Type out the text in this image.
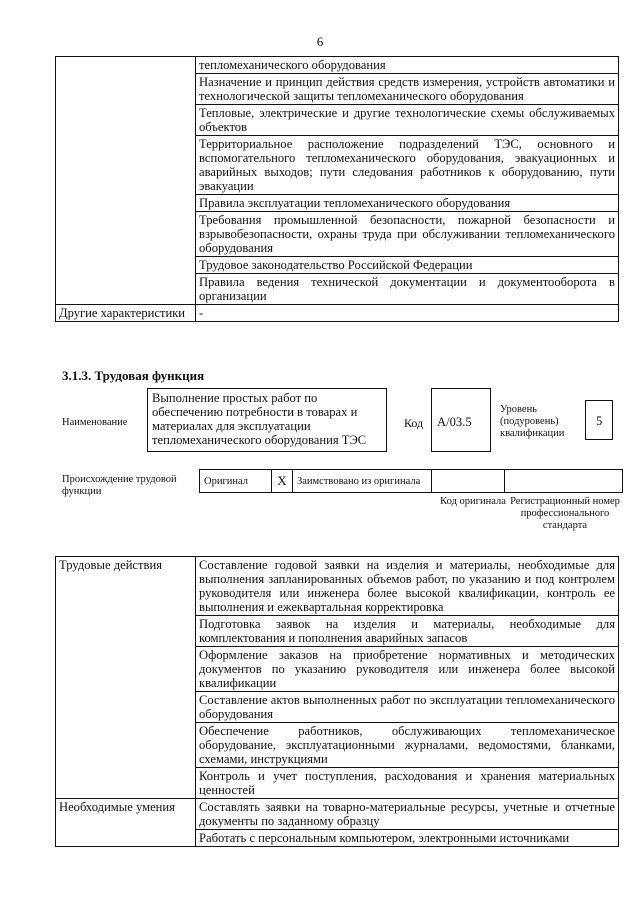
6
	тепломеханического оборудования
	Назначение и принцип действия средств измерения, устройств автоматики и технологической защиты тепломеханического оборудования
	Тепловые, электрические и другие технологические схемы обслуживаемых объектов
	Территориальное расположение подразделений ТЭС, основного и вспомогательного тепломеханического оборудования, эвакуационных и аварийных выходов; пути следования работников к оборудованию, пути эвакуации
	Правила эксплуатации тепломеханического оборудования
	Требования промышленной безопасности, пожарной безопасности и взрывобезопасности, охраны труда при обслуживании тепломеханического оборудования
	Трудовое законодательство Российской Федерации
	Правила ведения технической документации и документооборота в организации
Другие характеристики	-
3.1.3. Трудовая функция
Наименование
Выполнение простых работ по обеспечению потребности в товарах и материалах для эксплуатации тепломеханического оборудования ТЭС
Код	А/03.5
Уровень (подуровень) квалификации
5
Происхождение трудовой функции
Оригинал	X	Заимствовано из оригинала		
Код оригинала Регистрационный номер профессионального стандарта
Трудовые действия	Составление годовой заявки на изделия и материалы, необходимые для выполнения запланированных объемов работ, по указанию и под контролем руководителя или инженера более высокой квалификации, контроль ее выполнения и ежеквартальная корректировка
	Подготовка заявок на изделия и материалы, необходимые для комплектования и пополнения аварийных запасов
	Оформление заказов на приобретение нормативных и методических документов по указанию руководителя или инженера более высокой квалификации
	Составление актов выполненных работ по эксплуатации тепломеханического оборудования
	Обеспечение работников, обслуживающих тепломеханическое оборудование, эксплуатационными журналами, ведомостями, бланками, схемами, инструкциями
	Контроль и учет поступления, расходования и хранения материальных ценностей
Необходимые умения	Составлять заявки на товарно-материальные ресурсы, учетные и отчетные документы по заданному образцу
	Работать с персональным компьютером, электронными источниками
